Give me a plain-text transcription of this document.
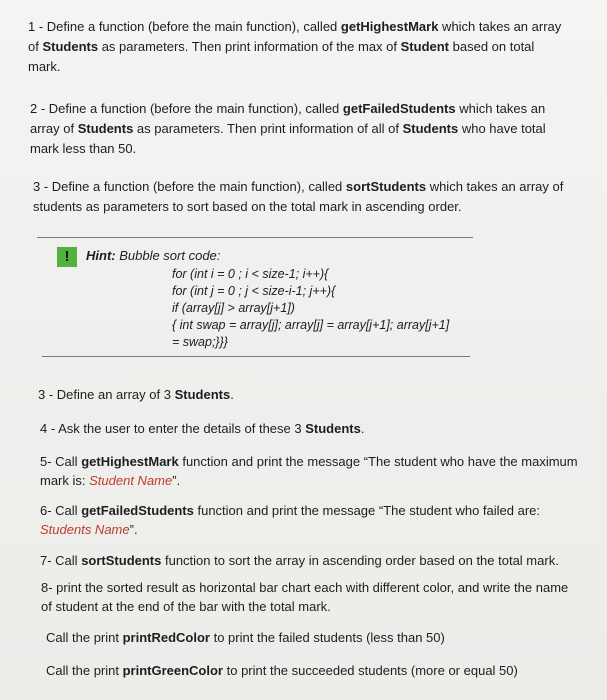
1 - Define a function (before the main function), called getHighestMark which takes an array
of Students as parameters. Then print information of the max of Student based on total
mark.
2 - Define a function (before the main function), called getFailedStudents which takes an
array of Students as parameters. Then print information of all of Students who have total
mark less than 50.
3 - Define a function (before the main function), called sortStudents which takes an array of
students as parameters to sort based on the total mark in ascending order.
!	Hint: Bubble sort code:
for (int i = 0 ; i < size-1; i++){
for (int j = 0 ; j < size-i-1; j++){
if (array[j] > array[j+1])
{ int swap = array[j]; array[j] = array[j+1]; array[j+1]
= swap;}}}
3 - Define an array of 3 Students.
4 - Ask the user to enter the details of these 3 Students.
5- Call getHighestMark function and print the message “The student who have the maximum
mark is: Student Name”.
6- Call getFailedStudents function and print the message “The student who failed are:
Students Name”.
7- Call sortStudents function to sort the array in ascending order based on the total mark.
8- print the sorted result as horizontal bar chart each with different color, and write the name
of student at the end of the bar with the total mark.
Call the print printRedColor to print the failed students (less than 50)
Call the print printGreenColor to print the succeeded students (more or equal 50)
